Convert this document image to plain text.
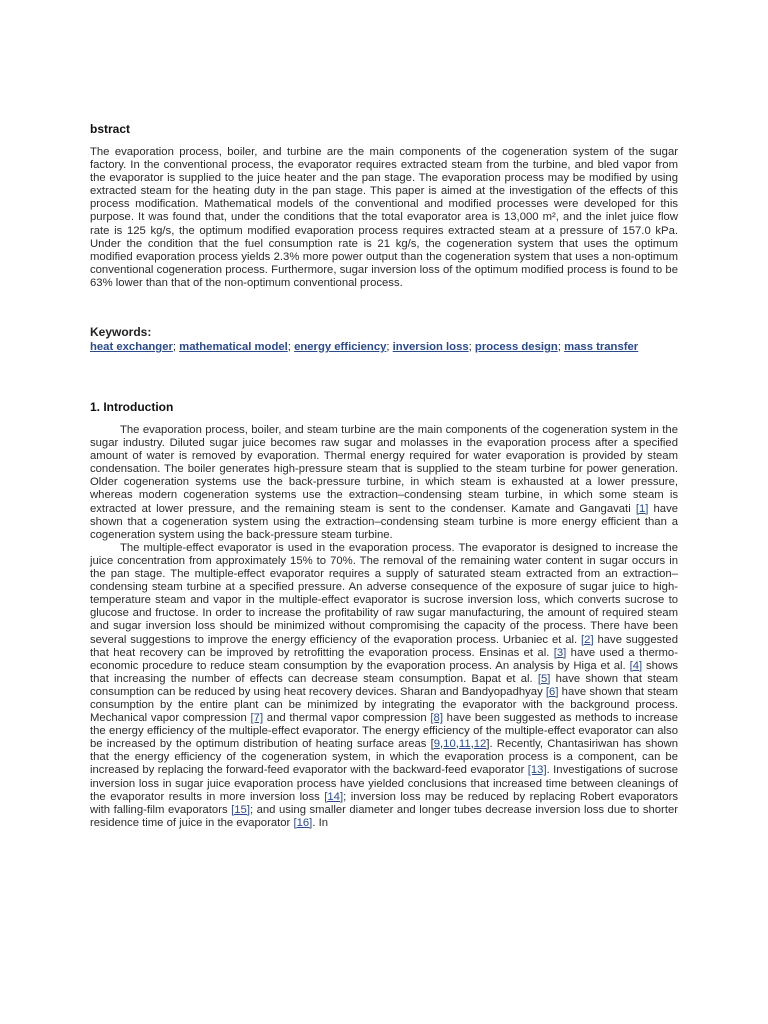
bstract

The evaporation process, boiler, and turbine are the main components of the cogeneration system of the sugar factory. In the conventional process, the evaporator requires extracted steam from the turbine, and bled vapor from the evaporator is supplied to the juice heater and the pan stage. The evaporation process may be modified by using extracted steam for the heating duty in the pan stage. This paper is aimed at the investigation of the effects of this process modification. Mathematical models of the conventional and modified processes were developed for this purpose. It was found that, under the conditions that the total evaporator area is 13,000 m², and the inlet juice flow rate is 125 kg/s, the optimum modified evaporation process requires extracted steam at a pressure of 157.0 kPa. Under the condition that the fuel consumption rate is 21 kg/s, the cogeneration system that uses the optimum modified evaporation process yields 2.3% more power output than the cogeneration system that uses a non-optimum conventional cogeneration process. Furthermore, sugar inversion loss of the optimum modified process is found to be 63% lower than that of the non-optimum conventional process.

Keywords:
heat exchanger; mathematical model; energy efficiency; inversion loss; process design; mass transfer
1. Introduction

The evaporation process, boiler, and steam turbine are the main components of the cogeneration system in the sugar industry. Diluted sugar juice becomes raw sugar and molasses in the evaporation process after a specified amount of water is removed by evaporation. Thermal energy required for water evaporation is provided by steam condensation. The boiler generates high-pressure steam that is supplied to the steam turbine for power generation. Older cogeneration systems use the back-pressure turbine, in which steam is exhausted at a lower pressure, whereas modern cogeneration systems use the extraction–condensing steam turbine, in which some steam is extracted at lower pressure, and the remaining steam is sent to the condenser. Kamate and Gangavati [1] have shown that a cogeneration system using the extraction–condensing steam turbine is more energy efficient than a cogeneration system using the back-pressure steam turbine.

The multiple-effect evaporator is used in the evaporation process. The evaporator is designed to increase the juice concentration from approximately 15% to 70%. The removal of the remaining water content in sugar occurs in the pan stage. The multiple-effect evaporator requires a supply of saturated steam extracted from an extraction–condensing steam turbine at a specified pressure. An adverse consequence of the exposure of sugar juice to high-temperature steam and vapor in the multiple-effect evaporator is sucrose inversion loss, which converts sucrose to glucose and fructose. In order to increase the profitability of raw sugar manufacturing, the amount of required steam and sugar inversion loss should be minimized without compromising the capacity of the process. There have been several suggestions to improve the energy efficiency of the evaporation process. Urbaniec et al. [2] have suggested that heat recovery can be improved by retrofitting the evaporation process. Ensinas et al. [3] have used a thermo-economic procedure to reduce steam consumption by the evaporation process. An analysis by Higa et al. [4] shows that increasing the number of effects can decrease steam consumption. Bapat et al. [5] have shown that steam consumption can be reduced by using heat recovery devices. Sharan and Bandyopadhyay [6] have shown that steam consumption by the entire plant can be minimized by integrating the evaporator with the background process. Mechanical vapor compression [7] and thermal vapor compression [8] have been suggested as methods to increase the energy efficiency of the multiple-effect evaporator. The energy efficiency of the multiple-effect evaporator can also be increased by the optimum distribution of heating surface areas [9,10,11,12]. Recently, Chantasiriwan has shown that the energy efficiency of the cogeneration system, in which the evaporation process is a component, can be increased by replacing the forward-feed evaporator with the backward-feed evaporator [13]. Investigations of sucrose inversion loss in sugar juice evaporation process have yielded conclusions that increased time between cleanings of the evaporator results in more inversion loss [14]; inversion loss may be reduced by replacing Robert evaporators with falling-film evaporators [15]; and using smaller diameter and longer tubes decrease inversion loss due to shorter residence time of juice in the evaporator [16]. In
